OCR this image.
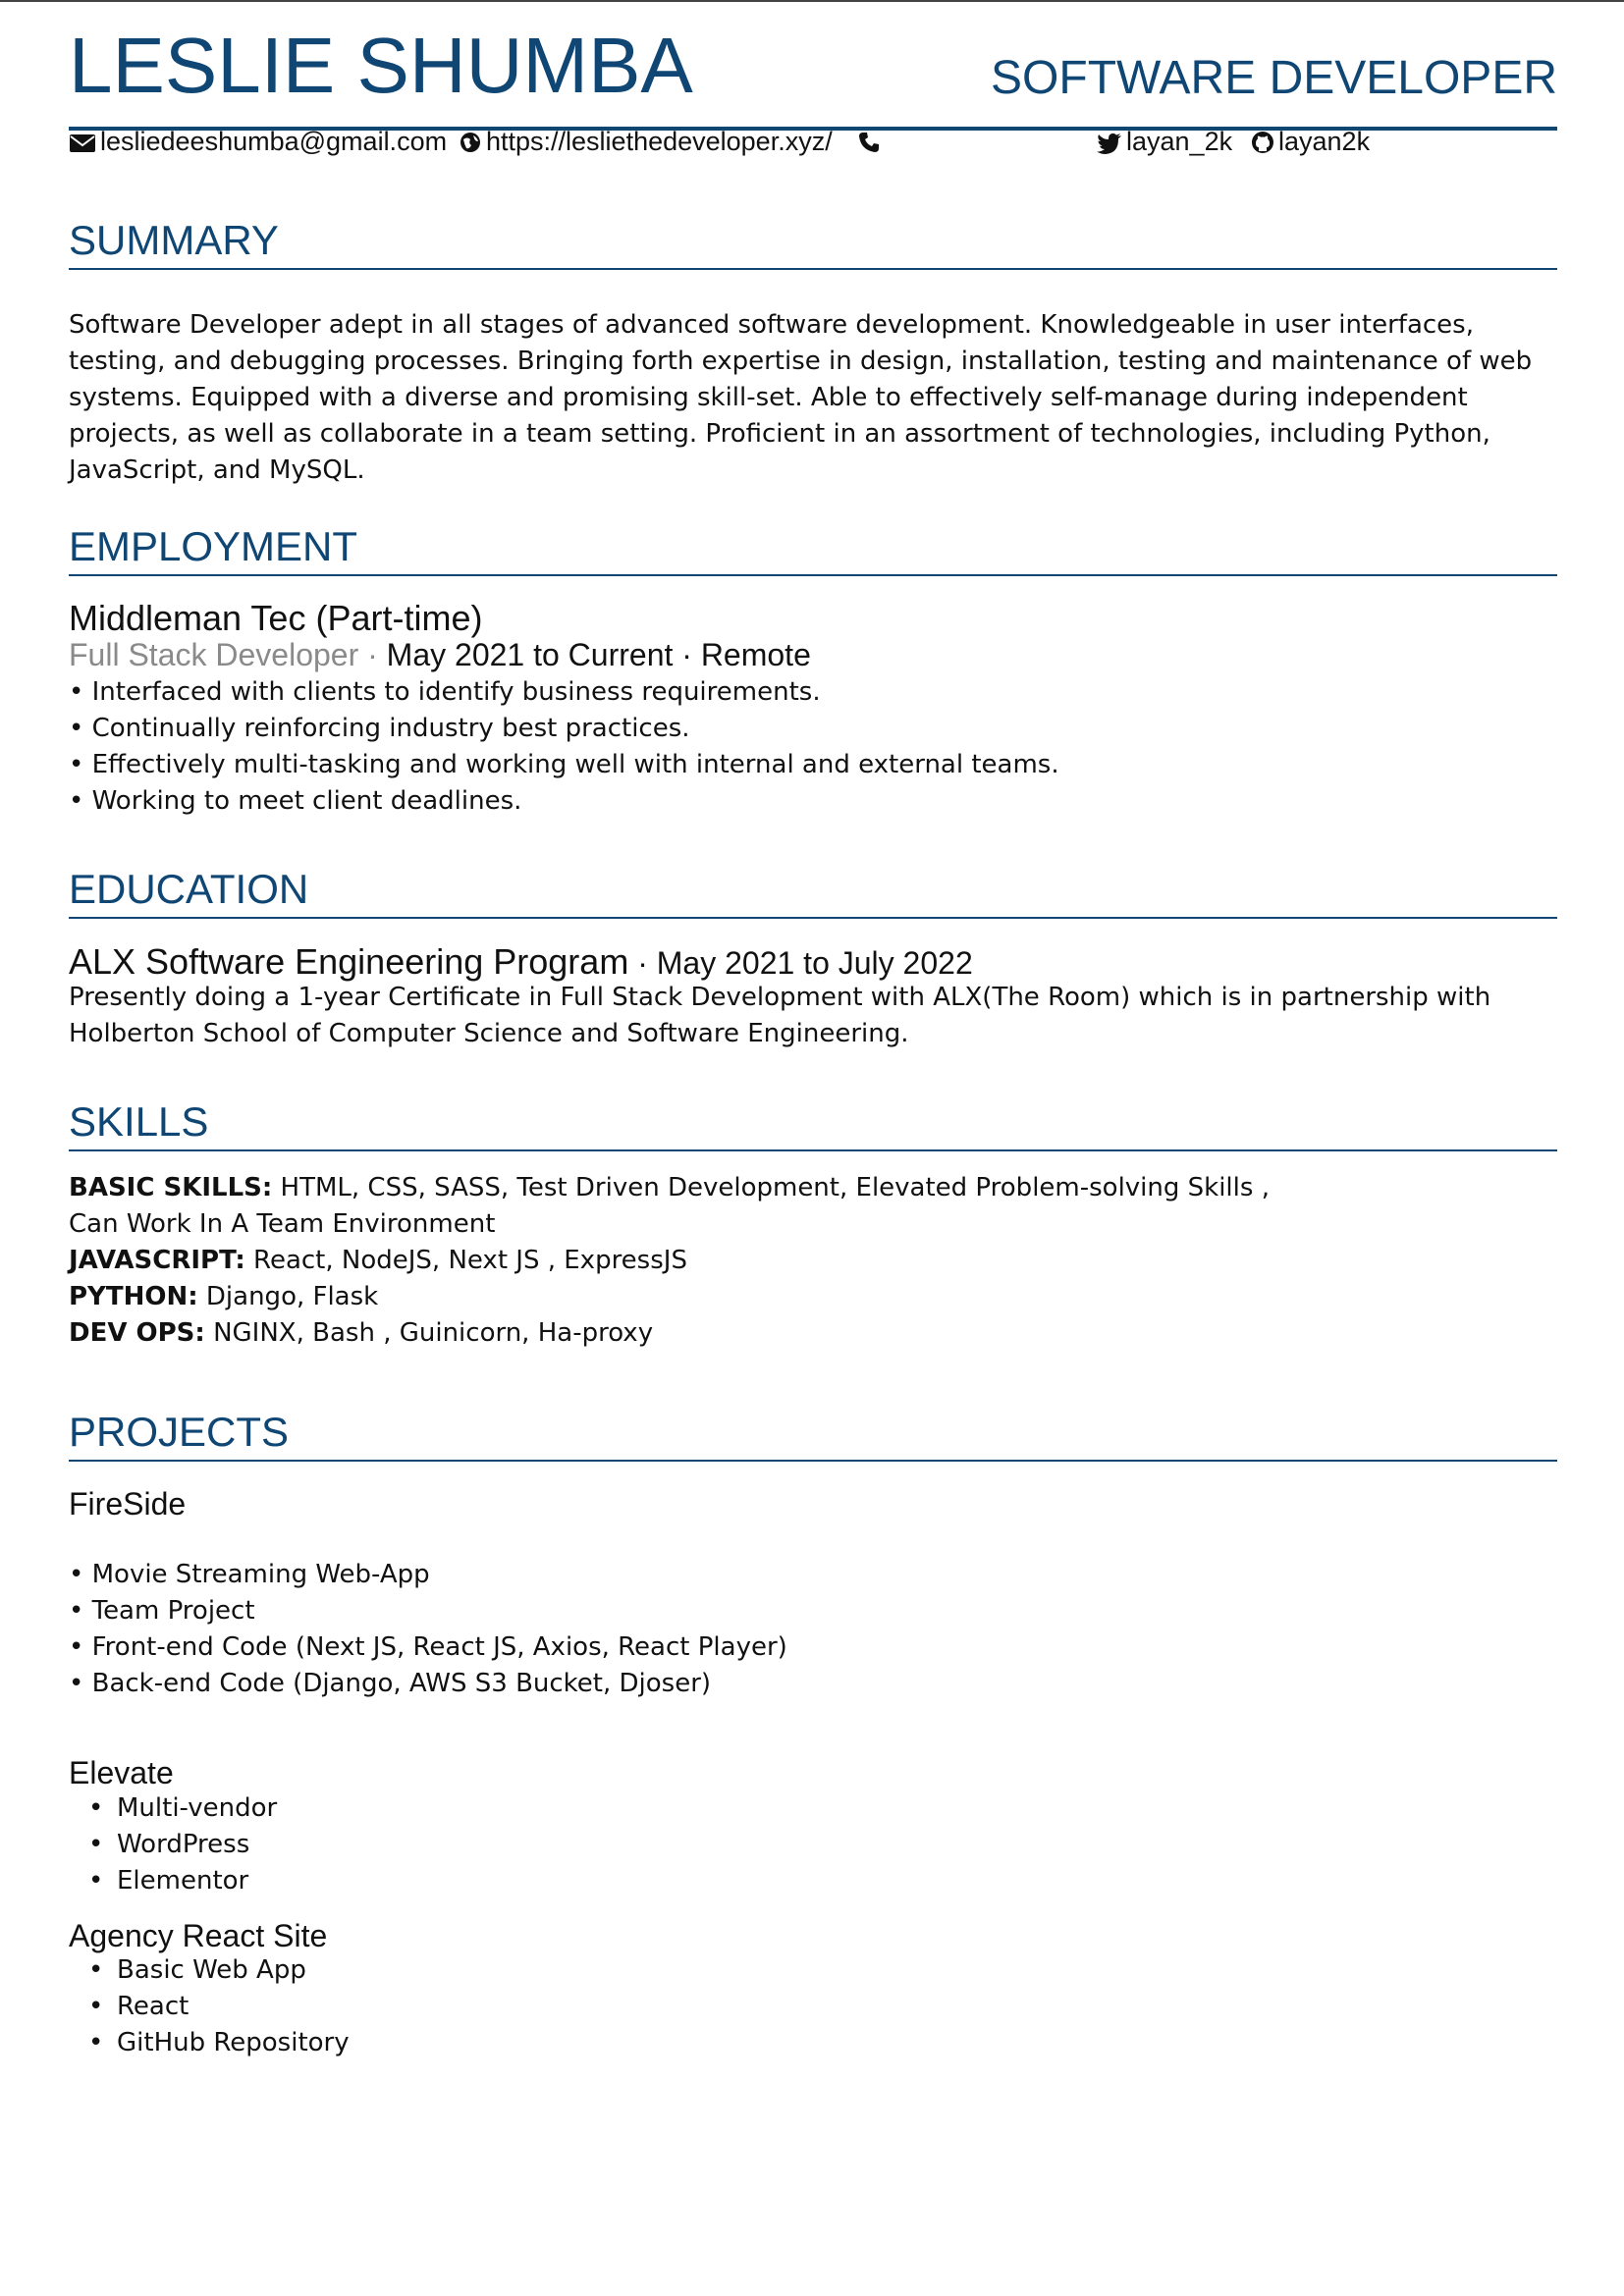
LESLIE SHUMBA	SOFTWARE DEVELOPER
lesliedeeshumba@gmail.com	https://lesliethedeveloper.xyz/	layan_2k	layan2k
SUMMARY
Software Developer adept in all stages of advanced software development. Knowledgeable in user interfaces, testing, and debugging processes. Bringing forth expertise in design, installation, testing and maintenance of web systems. Equipped with a diverse and promising skill-set. Able to effectively self-manage during independent projects, as well as collaborate in a team setting. Proficient in an assortment of technologies, including Python, JavaScript, and MySQL.
EMPLOYMENT
Middleman Tec (Part-time)
Full Stack Developer · May 2021 to Current · Remote
• Interfaced with clients to identify business requirements.
• Continually reinforcing industry best practices.
• Effectively multi-tasking and working well with internal and external teams.
• Working to meet client deadlines.
EDUCATION
ALX Software Engineering Program · May 2021 to July 2022
Presently doing a 1-year Certificate in Full Stack Development with ALX(The Room) which is in partnership with Holberton School of Computer Science and Software Engineering.
SKILLS
BASIC SKILLS: HTML, CSS, SASS, Test Driven Development, Elevated Problem-solving Skills ,
Can Work In A Team Environment
JAVASCRIPT: React, NodeJS, Next JS , ExpressJS
PYTHON: Django, Flask
DEV OPS: NGINX, Bash , Guinicorn, Ha-proxy
PROJECTS
FireSide
• Movie Streaming Web-App
• Team Project
• Front-end Code (Next JS, React JS, Axios, React Player)
• Back-end Code (Django, AWS S3 Bucket, Djoser)
Elevate
• Multi-vendor
• WordPress
• Elementor
Agency React Site
• Basic Web App
• React
• GitHub Repository
